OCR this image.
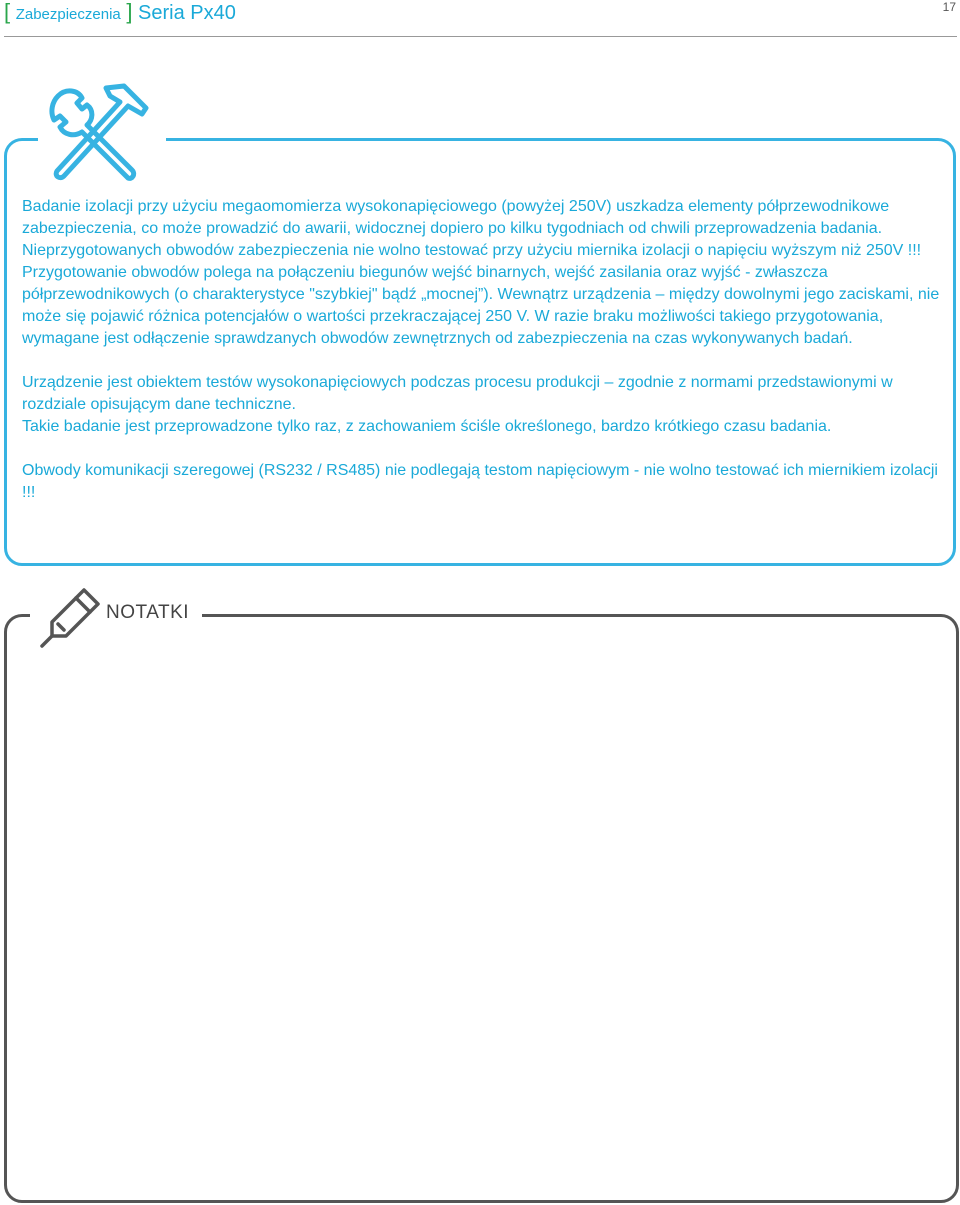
[ Zabezpieczenia ] Seria Px40	17

Badanie izolacji przy użyciu megaomomierza wysokonapięciowego (powyżej 250V) uszkadza elementy półprzewodnikowe zabezpieczenia, co może prowadzić do awarii, widocznej dopiero po kilku tygodniach od chwili przeprowadzenia badania.

Nieprzygotowanych obwodów zabezpieczenia nie wolno testować przy użyciu miernika izolacji o napięciu wyższym niż 250V !!! Przygotowanie obwodów polega na połączeniu biegunów wejść binarnych, wejść zasilania oraz wyjść - zwłaszcza półprzewodnikowych (o charakterystyce "szybkiej" bądź „mocnej”). Wewnątrz urządzenia – między dowolnymi jego zaciskami, nie może się pojawić różnica potencjałów o wartości przekraczającej 250 V. W razie braku możliwości takiego przygotowania, wymagane jest odłączenie sprawdzanych obwodów zewnętrznych od zabezpieczenia na czas wykonywanych badań.

Urządzenie jest obiektem testów wysokonapięciowych podczas procesu produkcji – zgodnie z normami przedstawionymi w rozdziale opisującym dane techniczne.

Takie badanie jest przeprowadzone tylko raz, z zachowaniem ściśle określonego, bardzo krótkiego czasu badania.

Obwody komunikacji szeregowej (RS232 / RS485) nie podlegają testom napięciowym - nie wolno testować ich miernikiem izolacji !!!

NOTATKI
